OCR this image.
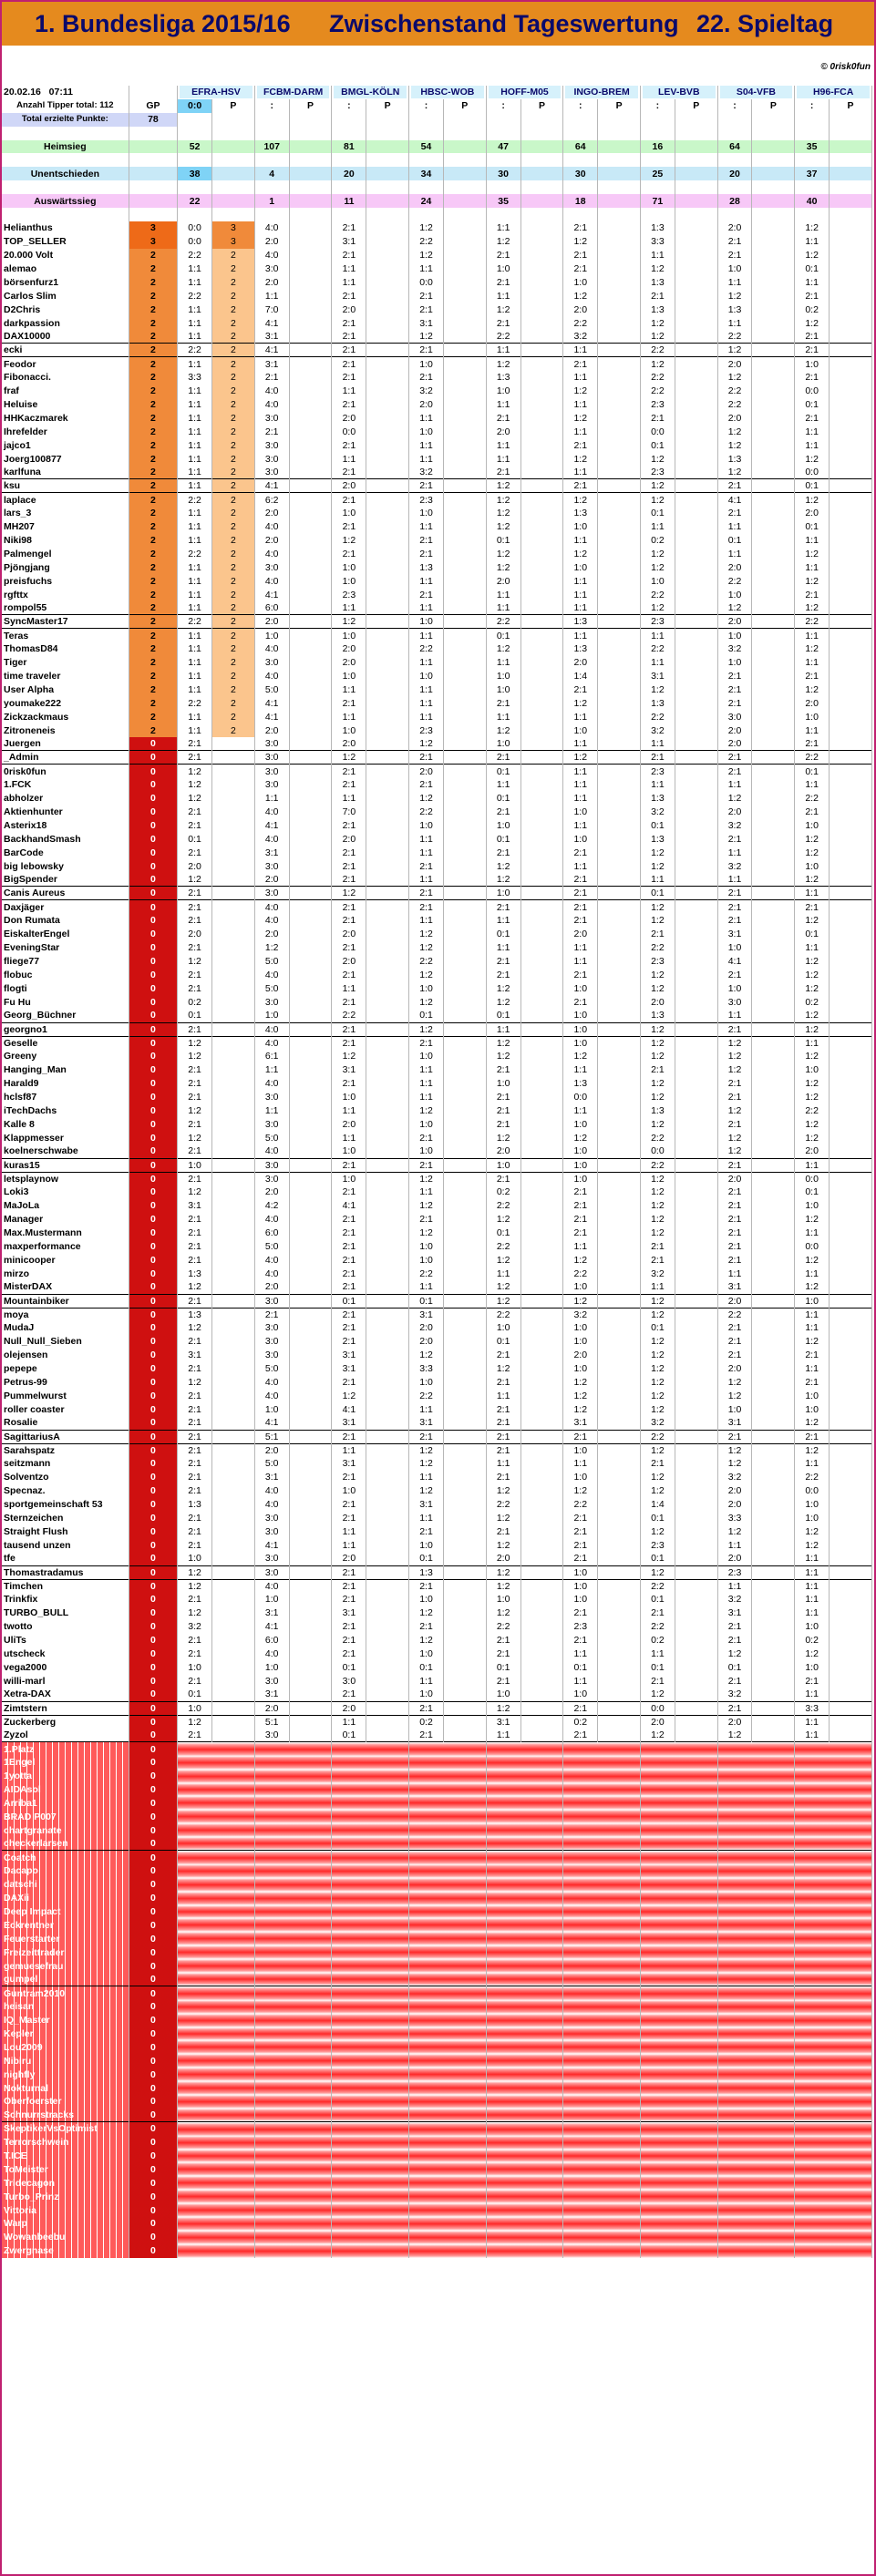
1. Bundesliga 2015/16 Zwischenstand Tageswertung 22. Spieltag
© 0risk0fun
20.02.16 07:11		EFRA-HSV		FCBM-DARM		BMGL-KÖLN		HBSC-WOB		HOFF-M05		INGO-BREM		LEV-BVB		S04-VFB		H96-FCA	
Anzahl Tipper total: 112	GP	0:0	P	:	P	:	P	:	P	:	P	:	P	:	P	:	P	:	P
Total erzielte Punkte:	78																		

Heimsieg		52		107		81		54		47		64		16		64		35	

Unentschieden		38		4		20		34		30		30		25		20		37	

Auswärtssieg		22		1		11		24		35		18		71		28		40	

Helianthus	3	0:0	3	4:0		2:1		1:2		1:1		2:1		1:3		2:0		1:2	
TOP_SELLER	3	0:0	3	2:0		3:1		2:2		1:2		1:2		3:3		2:1		1:1	
20.000 Volt	2	2:2	2	4:0		2:1		1:2		2:1		2:1		1:1		2:1		1:2	
alemao	2	1:1	2	3:0		1:1		1:1		1:0		2:1		1:2		1:0		0:1	
börsenfurz1	2	1:1	2	2:0		1:1		0:0		2:1		1:0		1:3		1:1		1:1	
Carlos Slim	2	2:2	2	1:1		2:1		2:1		1:1		1:2		2:1		1:2		2:1	
D2Chris	2	1:1	2	7:0		2:0		2:1		1:2		2:0		1:3		1:3		0:2	
darkpassion	2	1:1	2	4:1		2:1		3:1		2:1		2:2		1:2		1:1		1:2	
DAX10000	2	1:1	2	3:1		2:1		1:2		2:2		3:2		1:2		2:2		2:1	
ecki	2	2:2	2	4:1		2:1		2:1		1:1		1:1		2:2		1:2		2:1	
Feodor	2	1:1	2	3:1		2:1		1:0		1:2		2:1		1:2		2:0		1:0	
Fibonacci.	2	3:3	2	2:1		2:1		2:1		1:3		1:1		2:2		1:2		2:1	
fraf	2	1:1	2	4:0		1:1		3:2		1:0		1:2		2:2		2:2		0:0	
Heluise	2	1:1	2	4:0		2:1		2:0		1:1		1:1		2:3		2:2		0:1	
HHKaczmarek	2	1:1	2	3:0		2:0		1:1		2:1		1:2		2:1		2:0		2:1	
Ihrefelder	2	1:1	2	2:1		0:0		1:0		2:0		1:1		0:0		1:2		1:1	
jajco1	2	1:1	2	3:0		2:1		1:1		1:1		2:1		0:1		1:2		1:1	
Joerg100877	2	1:1	2	3:0		1:1		1:1		1:1		1:2		1:2		1:3		1:2	
karlfuna	2	1:1	2	3:0		2:1		3:2		2:1		1:1		2:3		1:2		0:0	
ksu	2	1:1	2	4:1		2:0		2:1		1:2		2:1		1:2		2:1		0:1	
laplace	2	2:2	2	6:2		2:1		2:3		1:2		1:2		1:2		4:1		1:2	
lars_3	2	1:1	2	2:0		1:0		1:0		1:2		1:3		0:1		2:1		2:0	
MH207	2	1:1	2	4:0		2:1		1:1		1:2		1:0		1:1		1:1		0:1	
Niki98	2	1:1	2	2:0		1:2		2:1		0:1		1:1		0:2		0:1		1:1	
Palmengel	2	2:2	2	4:0		2:1		2:1		1:2		1:2		1:2		1:1		1:2	
Pjöngjang	2	1:1	2	3:0		1:0		1:3		1:2		1:0		1:2		2:0		1:1	
preisfuchs	2	1:1	2	4:0		1:0		1:1		2:0		1:1		1:0		2:2		1:2	
rgfttx	2	1:1	2	4:1		2:3		2:1		1:1		1:1		2:2		1:0		2:1	
rompol55	2	1:1	2	6:0		1:1		1:1		1:1		1:1		1:2		1:2		1:2	
SyncMaster17	2	2:2	2	2:0		1:2		1:0		2:2		1:3		2:3		2:0		2:2	
Teras	2	1:1	2	1:0		1:0		1:1		0:1		1:1		1:1		1:0		1:1	
ThomasD84	2	1:1	2	4:0		2:0		2:2		1:2		1:3		2:2		3:2		1:2	
Tiger	2	1:1	2	3:0		2:0		1:1		1:1		2:0		1:1		1:0		1:1	
time traveler	2	1:1	2	4:0		1:0		1:0		1:0		1:4		3:1		2:1		2:1	
User Alpha	2	1:1	2	5:0		1:1		1:1		1:0		2:1		1:2		2:1		1:2	
youmake222	2	2:2	2	4:1		2:1		1:1		2:1		1:2		1:3		2:1		2:0	
Zickzackmaus	2	1:1	2	4:1		1:1		1:1		1:1		1:1		2:2		3:0		1:0	
Zitroneneis	2	1:1	2	2:0		1:0		2:3		1:2		1:0		3:2		2:0		1:1	
Juergen	0	2:1		3:0		2:0		1:2		1:0		1:1		1:1		2:0		2:1	
_Admin	0	2:1		3:0		1:2		2:1		2:1		1:2		2:1		2:1		2:2	
0risk0fun	0	1:2		3:0		2:1		2:0		0:1		1:1		2:3		2:1		0:1	
1.FCK	0	1:2		3:0		2:1		2:1		1:1		1:1		1:1		1:1		1:1	
abholzer	0	1:2		1:1		1:1		1:2		0:1		1:1		1:3		1:2		2:2	
Aktienhunter	0	2:1		4:0		7:0		2:2		2:1		1:0		3:2		2:0		2:1	
Asterix18	0	2:1		4:1		2:1		1:0		1:0		1:1		0:1		3:2		1:0	
BackhandSmash	0	0:1		4:0		2:0		1:1		0:1		1:0		1:3		2:1		1:2	
BarCode	0	2:1		3:1		2:1		1:1		2:1		2:1		1:2		1:1		1:2	
big lebowsky	0	2:0		3:0		2:1		2:1		1:2		1:1		1:2		3:2		1:0	
BigSpender	0	1:2		2:0		2:1		1:1		1:2		2:1		1:1		1:1		1:2	
Canis Aureus	0	2:1		3:0		1:2		2:1		1:0		2:1		0:1		2:1		1:1	
Daxjäger	0	2:1		4:0		2:1		2:1		2:1		2:1		1:2		2:1		2:1	
Don Rumata	0	2:1		4:0		2:1		1:1		1:1		2:1		1:2		2:1		1:2	
EiskalterEngel	0	2:0		2:0		2:0		1:2		0:1		2:0		2:1		3:1		0:1	
EveningStar	0	2:1		1:2		2:1		1:2		1:1		1:1		2:2		1:0		1:1	
fliege77	0	1:2		5:0		2:0		2:2		2:1		1:1		2:3		4:1		1:2	
flobuc	0	2:1		4:0		2:1		1:2		2:1		2:1		1:2		2:1		1:2	
flogti	0	2:1		5:0		1:1		1:0		1:2		1:0		1:2		1:0		1:2	
Fu Hu	0	0:2		3:0		2:1		1:2		1:2		2:1		2:0		3:0		0:2	
Georg_Büchner	0	0:1		1:0		2:2		0:1		0:1		1:0		1:3		1:1		1:2	
georgno1	0	2:1		4:0		2:1		1:2		1:1		1:0		1:2		2:1		1:2	
Geselle	0	1:2		4:0		2:1		2:1		1:2		1:0		1:2		1:2		1:1	
Greeny	0	1:2		6:1		1:2		1:0		1:2		1:2		1:2		1:2		1:2	
Hanging_Man	0	2:1		1:1		3:1		1:1		2:1		1:1		2:1		1:2		1:0	
Harald9	0	2:1		4:0		2:1		1:1		1:0		1:3		1:2		2:1		1:2	
hclsf87	0	2:1		3:0		1:0		1:1		2:1		0:0		1:2		2:1		1:2	
iTechDachs	0	1:2		1:1		1:1		1:2		2:1		1:1		1:3		1:2		2:2	
Kalle 8	0	2:1		3:0		2:0		1:0		2:1		1:0		1:2		2:1		1:2	
Klappmesser	0	1:2		5:0		1:1		2:1		1:2		1:2		2:2		1:2		1:2	
koelnerschwabe	0	2:1		4:0		1:0		1:0		2:0		1:0		0:0		1:2		2:0	
kuras15	0	1:0		3:0		2:1		2:1		1:0		1:0		2:2		2:1		1:1	
letsplaynow	0	2:1		3:0		1:0		1:2		2:1		1:0		1:2		2:0		0:0	
Loki3	0	1:2		2:0		2:1		1:1		0:2		2:1		1:2		2:1		0:1	
MaJoLa	0	3:1		4:2		4:1		1:2		2:2		2:1		1:2		2:1		1:0	
Manager	0	2:1		4:0		2:1		2:1		1:2		2:1		1:2		2:1		1:2	
Max.Mustermann	0	2:1		6:0		2:1		1:2		0:1		2:1		1:2		2:1		1:1	
maxperformance	0	2:1		5:0		2:1		1:0		2:2		1:1		2:1		2:1		0:0	
minicooper	0	2:1		4:0		2:1		1:0		1:2		1:2		2:1		2:1		1:2	
mirzo	0	1:3		4:0		2:1		2:2		1:1		2:2		3:2		1:1		1:1	
MisterDAX	0	1:2		2:0		2:1		1:1		1:2		1:0		1:1		3:1		1:2	
Mountainbiker	0	2:1		3:0		0:1		0:1		1:2		1:2		1:2		2:0		1:0	
moya	0	1:3		2:1		2:1		3:1		2:2		3:2		1:2		2:2		1:1	
MudaJ	0	1:2		3:0		2:1		2:0		1:0		1:0		0:1		2:1		1:1	
Null_Null_Sieben	0	2:1		3:0		2:1		2:0		0:1		1:0		1:2		2:1		1:2	
olejensen	0	3:1		3:0		3:1		1:2		2:1		2:0		1:2		2:1		2:1	
pepepe	0	2:1		5:0		3:1		3:3		1:2		1:0		1:2		2:0		1:1	
Petrus-99	0	1:2		4:0		2:1		1:0		2:1		1:2		1:2		1:2		2:1	
Pummelwurst	0	2:1		4:0		1:2		2:2		1:1		1:2		1:2		1:2		1:0	
roller coaster	0	2:1		1:0		4:1		1:1		2:1		1:2		1:2		1:0		1:0	
Rosalie	0	2:1		4:1		3:1		3:1		2:1		3:1		3:2		3:1		1:2	
SagittariusA	0	2:1		5:1		2:1		2:1		2:1		2:1		2:2		2:1		2:1	
Sarahspatz	0	2:1		2:0		1:1		1:2		2:1		1:0		1:2		1:2		1:2	
seitzmann	0	2:1		5:0		3:1		1:2		1:1		1:1		2:1		1:2		1:1	
Solventzo	0	2:1		3:1		2:1		1:1		2:1		1:0		1:2		3:2		2:2	
Specnaz.	0	2:1		4:0		1:0		1:2		1:2		1:2		1:2		2:0		0:0	
sportgemeinschaft 53	0	1:3		4:0		2:1		3:1		2:2		2:2		1:4		2:0		1:0	
Sternzeichen	0	2:1		3:0		2:1		1:1		1:2		2:1		0:1		3:3		1:0	
Straight Flush	0	2:1		3:0		1:1		2:1		2:1		2:1		1:2		1:2		1:2	
tausend unzen	0	2:1		4:1		1:1		1:0		1:2		2:1		2:3		1:1		1:2	
tfe	0	1:0		3:0		2:0		0:1		2:0		2:1		0:1		2:0		1:1	
Thomastradamus	0	1:2		3:0		2:1		1:3		1:2		1:0		1:2		2:3		1:1	
Timchen	0	1:2		4:0		2:1		2:1		1:2		1:0		2:2		1:1		1:1	
Trinkfix	0	2:1		1:0		2:1		1:0		1:0		1:0		0:1		3:2		1:1	
TURBO_BULL	0	1:2		3:1		3:1		1:2		1:2		2:1		2:1		3:1		1:1	
twotto	0	3:2		4:1		2:1		2:1		2:2		2:3		2:2		2:1		1:0	
UliTs	0	2:1		6:0		2:1		1:2		2:1		2:1		0:2		2:1		0:2	
utscheck	0	2:1		4:0		2:1		1:0		2:1		1:1		1:1		1:2		1:2	
vega2000	0	1:0		1:0		0:1		0:1		0:1		0:1		0:1		0:1		1:0	
willi-marl	0	2:1		3:0		3:0		1:1		2:1		1:1		2:1		2:1		2:1	
Xetra-DAX	0	0:1		3:1		2:1		1:0		1:0		1:0		1:2		3:2		1:1	
Zimtstern	0	1:0		2:0		2:0		2:1		1:2		2:1		0:0		2:1		3:3	
Zuckerberg	0	1:2		5:1		1:1		0:2		3:1		0:2		2:0		2:0		1:1	
Zyzol	0	2:1		3:0		0:1		2:1		1:1		2:1		1:2		1:2		1:1	
1.Platz	0																		
1Engel	0																		
1yotta	0																		
AIDAsol	0																		
Arriba1	0																		
BRAD P007	0																		
chartgranate	0																		
checkerlarsen	0																		
Coatch	0																		
Dacapo	0																		
datschi	0																		
DAXii	0																		
Deep Impact	0																		
Eckrentner	0																		
Feuerstarter	0																		
Freizeittrader	0																		
gemuesefrau	0																		
gumpel	0																		
Guntram2010	0																		
heisan	0																		
IQ_Master	0																		
Kepler	0																		
Lou2009	0																		
Nibiru	0																		
nighfly	0																		
Nokturnal	0																		
Oberfoerster	0																		
Schnurrstracks	0																		
SkeptikerVsOptimist	0																		
Terrorschwein	0																		
T.ICE	0																		
ToMeister	0																		
Tridecagon	0																		
Turbo_Prinz	0																		
Vittoria	0																		
Warp	0																		
Wowanbeebu	0																		
Zwergnase	0																		
